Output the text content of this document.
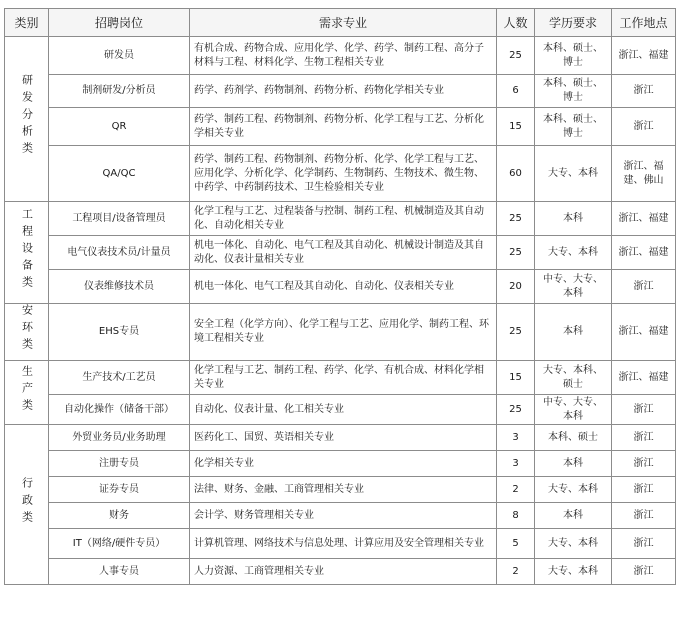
类别	招聘岗位	需求专业	人数	学历要求	工作地点
研发分析类	研发员	有机合成、药物合成、应用化学、化学、药学、制药工程、高分子材料与工程、材料化学、生物工程相关专业	25	本科、硕士、博士	浙江、福建
	制剂研发/分析员	药学、药剂学、药物制剂、药物分析、药物化学相关专业	6	本科、硕士、博士	浙江
	QR	药学、制药工程、药物制剂、药物分析、化学工程与工艺、分析化学相关专业	15	本科、硕士、博士	浙江
	QA/QC	药学、制药工程、药物制剂、药物分析、化学、化学工程与工艺、应用化学、分析化学、化学制药、生物制药、生物技术、微生物、中药学、中药制药技术、卫生检验相关专业	60	大专、本科	浙江、福建、佛山
工程设备类	工程项目/设备管理员	化学工程与工艺、过程装备与控制、制药工程、机械制造及其自动化、自动化相关专业	25	本科	浙江、福建
	电气仪表技术员/计量员	机电一体化、自动化、电气工程及其自动化、机械设计制造及其自动化、仪表计量相关专业	25	大专、本科	浙江、福建
	仪表维修技术员	机电一体化、电气工程及其自动化、自动化、仪表相关专业	20	中专、大专、本科	浙江
安环类	EHS专员	安全工程（化学方向）、化学工程与工艺、应用化学、制药工程、环境工程相关专业	25	本科	浙江、福建
生产类	生产技术/工艺员	化学工程与工艺、制药工程、药学、化学、有机合成、材料化学相关专业	15	大专、本科、硕士	浙江、福建
	自动化操作（储备干部）	自动化、仪表计量、化工相关专业	25	中专、大专、本科	浙江
行政类	外贸业务员/业务助理	医药化工、国贸、英语相关专业	3	本科、硕士	浙江
	注册专员	化学相关专业	3	本科	浙江
	证券专员	法律、财务、金融、工商管理相关专业	2	大专、本科	浙江
	财务	会计学、财务管理相关专业	8	本科	浙江
	IT（网络/硬件专员）	计算机管理、网络技术与信息处理、计算应用及安全管理相关专业	5	大专、本科	浙江
	人事专员	人力资源、工商管理相关专业	2	大专、本科	浙江
